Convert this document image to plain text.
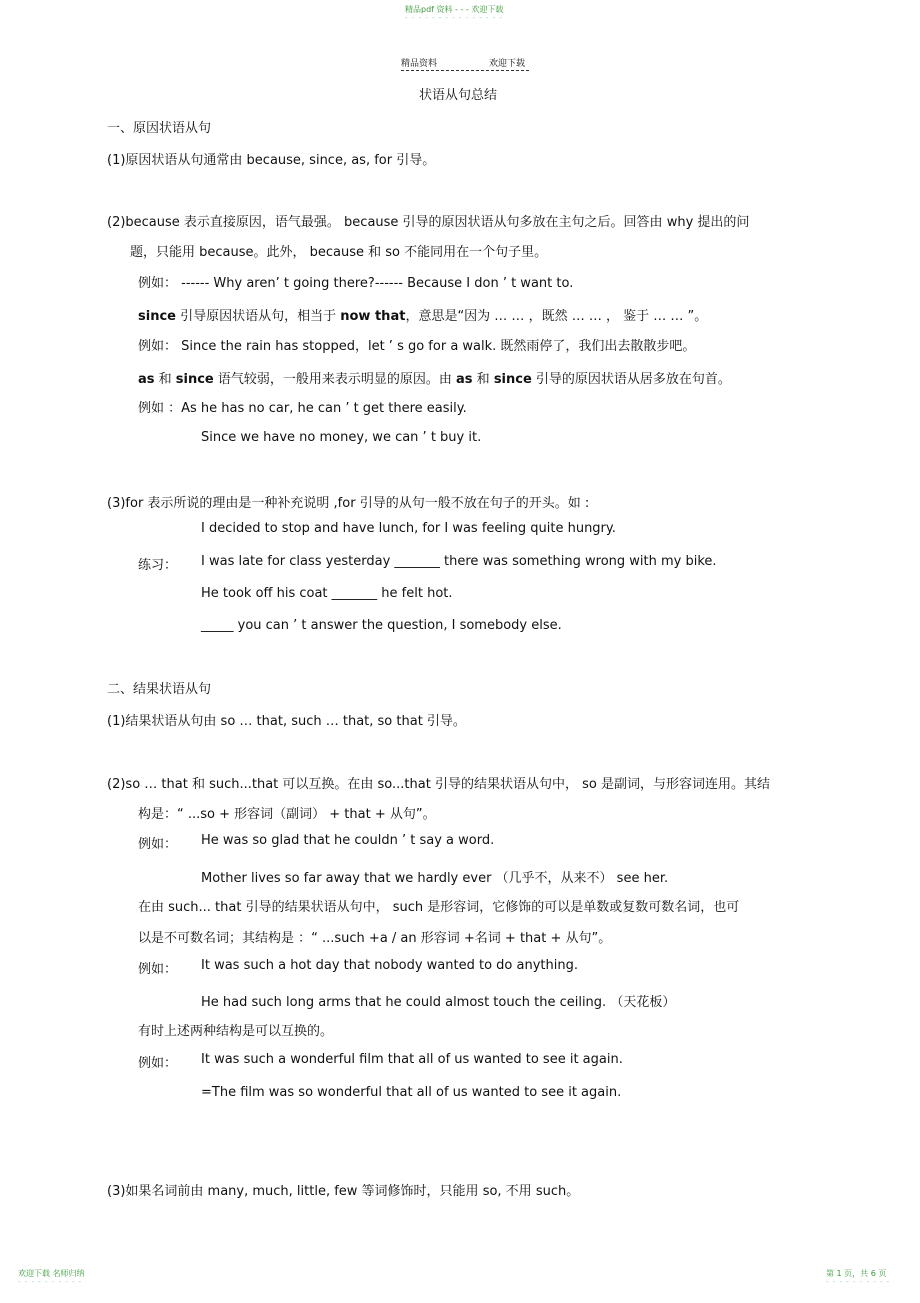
精品pdf 资料 - - - 欢迎下载
- - - - - - - - - - - - - - -
精品资料	欢迎下载
状语从句总结
一、原因状语从句
(1)原因状语从句通常由 because, since, as, for 引导。
(2)because 表示直接原因，语气最强。 because 引导的原因状语从句多放在主句之后。回答由 why 提出的问
题，只能用 because。此外， because 和 so 不能同用在一个句子里。
例如： ------ Why aren’ t going there?------ Because I don ’ t want to.
since 引导原因状语从句，相当于 now that，意思是“因为 … … ，既然 … … ， 鉴于 … … ”。
例如： Since the rain has stopped，let ’ s go for a walk. 既然雨停了，我们出去散散步吧。
as 和 since 语气较弱，一般用来表示明显的原因。由 as 和 since 引导的原因状语从居多放在句首。
例如 ：As he has no car, he can ’ t get there easily.
Since we have no money, we can ’ t buy it.
(3)for 表示所说的理由是一种补充说明 ,for 引导的从句一般不放在句子的开头。如 :
I decided to stop and have lunch, for I was feeling quite hungry.
练习： I was late for class yesterday _______ there was something wrong with my bike.
He took off his coat _______ he felt hot.
_____ you can ’ t answer the question, I somebody else.
二、结果状语从句
(1)结果状语从句由 so … that, such … that, so that 引导。
(2)so … that 和 such...that 可以互换。在由 so...that 引导的结果状语从句中， so 是副词，与形容词连用。其结
构是：“ ...so + 形容词（副词） + that + 从句”。
例如： He was so glad that he couldn ’ t say a word.
Mother lives so far away that we hardly ever （几乎不，从来不） see her.
在由 such... that 引导的结果状语从句中， such 是形容词，它修饰的可以是单数或复数可数名词，也可
以是不可数名词；其结构是 ：“ ...such +a / an 形容词 +名词 + that + 从句”。
例如： It was such a hot day that nobody wanted to do anything.
He had such long arms that he could almost touch the ceiling. （天花板）
有时上述两种结构是可以互换的。
例如： It was such a wonderful film that all of us wanted to see it again.
=The film was so wonderful that all of us wanted to see it again.
(3)如果名词前由 many, much, little, few 等词修饰时，只能用 so, 不用 such。
欢迎下载 名师归纳
- - - - - - - - - -
第 1 页，共 6 页
- - - - - - - - - -
